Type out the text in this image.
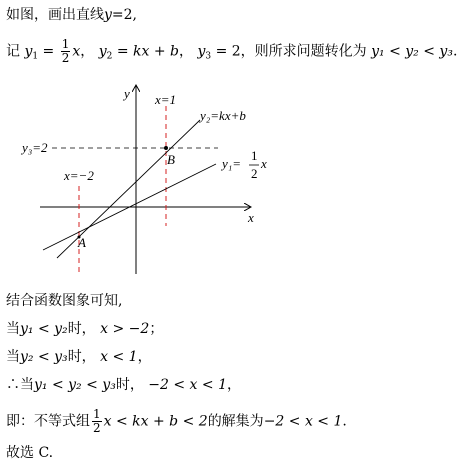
如图，画出直线y=2,
记 $y_1 = \frac{1}{2}$ x， $y_2$ = kx + b， $y_3 = 2$，则所求问题转化为 y₁ < y₂ < y₃.
y
x
x=1
y₂=kx+b
y₃=2
B	y₁=
1
2
x
x=−2
A
结合函数图象可知,
当y₁ < y₂时， x > −2；
当y₂ < y₃时， x < 1，
∴当y₁ < y₂ < y₃时， −2 < x < 1，
即：不等式组 $\frac{1}{2}$ x < kx + b < 2的解集为−2 < x < 1.
故选 C.
